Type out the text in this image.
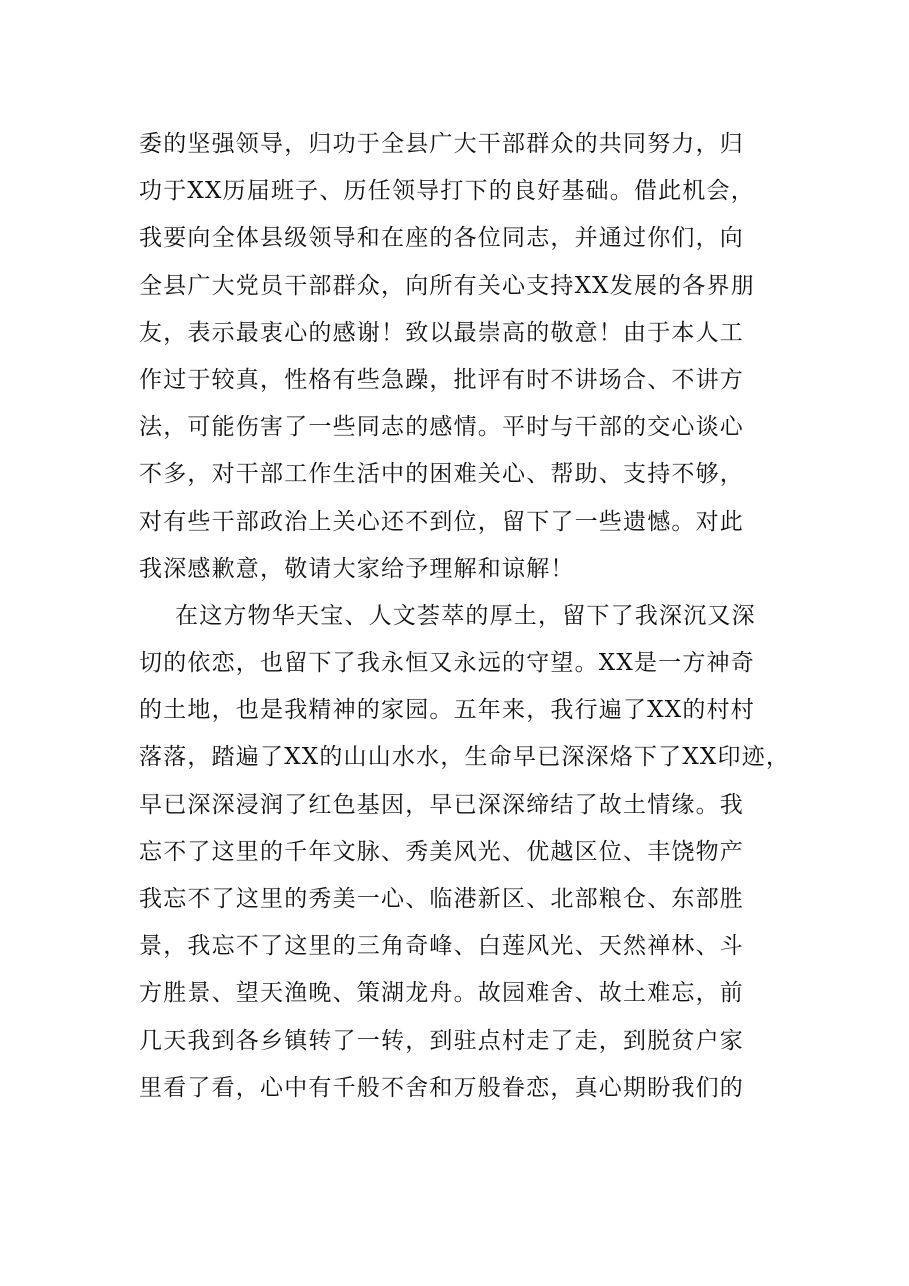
委的坚强领导，归功于全县广大干部群众的共同努力，归
功于XX历届班子、历任领导打下的良好基础。借此机会，
我要向全体县级领导和在座的各位同志，并通过你们，向
全县广大党员干部群众，向所有关心支持XX发展的各界朋
友，表示最衷心的感谢！致以最崇高的敬意！由于本人工
作过于较真，性格有些急躁，批评有时不讲场合、不讲方
法，可能伤害了一些同志的感情。平时与干部的交心谈心
不多，对干部工作生活中的困难关心、帮助、支持不够，
对有些干部政治上关心还不到位，留下了一些遗憾。对此
我深感歉意，敬请大家给予理解和谅解！
在这方物华天宝、人文荟萃的厚土，留下了我深沉又深
切的依恋，也留下了我永恒又永远的守望。XX是一方神奇
的土地，也是我精神的家园。五年来，我行遍了XX的村村
落落，踏遍了XX的山山水水，生命早已深深烙下了XX印迹，
早已深深浸润了红色基因，早已深深缔结了故土情缘。我
忘不了这里的千年文脉、秀美风光、优越区位、丰饶物产
我忘不了这里的秀美一心、临港新区、北部粮仓、东部胜
景，我忘不了这里的三角奇峰、白莲风光、天然禅林、斗
方胜景、望天渔晚、策湖龙舟。故园难舍、故土难忘，前
几天我到各乡镇转了一转，到驻点村走了走，到脱贫户家
里看了看，心中有千般不舍和万般眷恋，真心期盼我们的
